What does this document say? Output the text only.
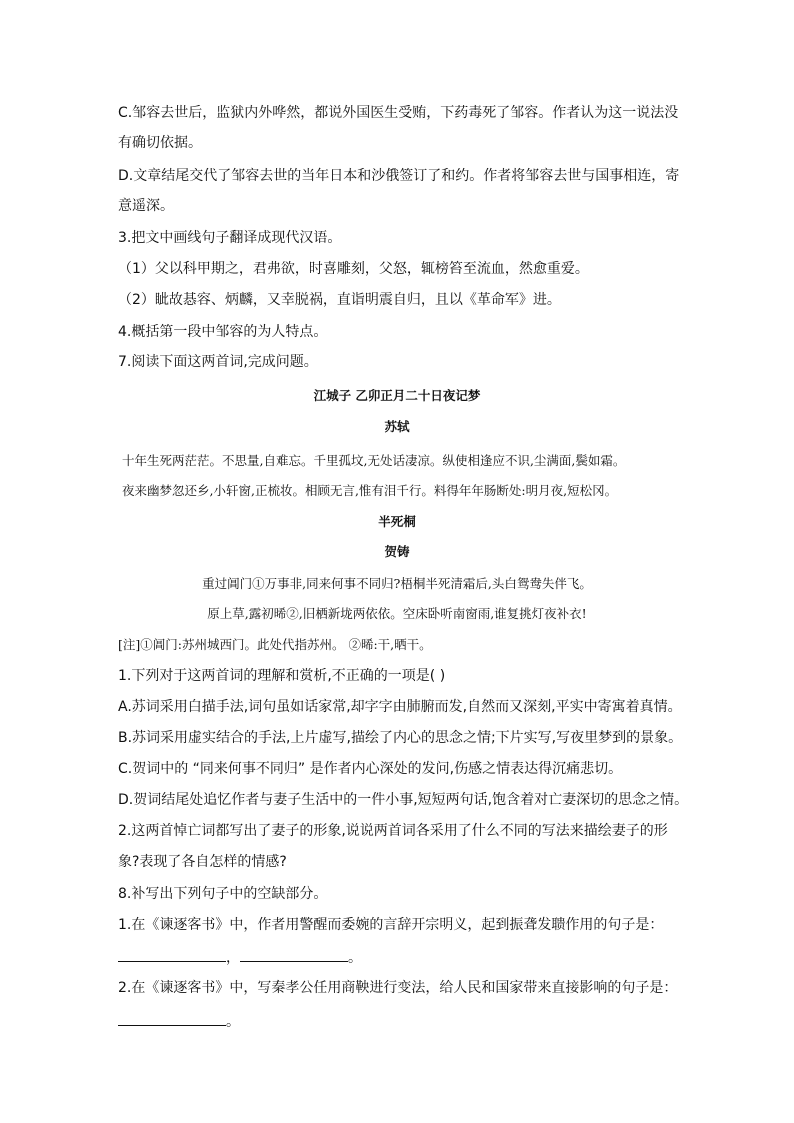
C.邹容去世后，监狱内外哗然，都说外国医生受贿，下药毒死了邹容。作者认为这一说法没
有确切依据。
D.文章结尾交代了邹容去世的当年日本和沙俄签订了和约。作者将邹容去世与国事相连，寄
意遥深。
3.把文中画线句子翻译成现代汉语。
（1）父以科甲期之，君弗欲，时喜雕刻，父怒，辄榜笞至流血，然愈重爱。
（2）眦故惎容、炳麟，又幸脱祸，直诣明震自归，且以《革命军》进。
4.概括第一段中邹容的为人特点。
7.阅读下面这两首词,完成问题。
江城子 乙卯正月二十日夜记梦
苏轼
十年生死两茫茫。不思量,自难忘。千里孤坟,无处话凄凉。纵使相逢应不识,尘满面,鬓如霜。
夜来幽梦忽还乡,小轩窗,正梳妆。相顾无言,惟有泪千行。料得年年肠断处:明月夜,短松冈。
半死桐
贺铸
重过阊门①万事非,同来何事不同归?梧桐半死清霜后,头白鸳鸯失伴飞。
原上草,露初晞②,旧栖新垅两依依。空床卧听南窗雨,谁复挑灯夜补衣!
[注]①阊门:苏州城西门。此处代指苏州。 ②晞:干,晒干。
1.下列对于这两首词的理解和赏析,不正确的一项是( )
A.苏词采用白描手法,词句虽如话家常,却字字由肺腑而发,自然而又深刻,平实中寄寓着真情。
B.苏词采用虚实结合的手法,上片虚写,描绘了内心的思念之情;下片实写,写夜里梦到的景象。
C.贺词中的 “同来何事不同归” 是作者内心深处的发问,伤感之情表达得沉痛悲切。
D.贺词结尾处追忆作者与妻子生活中的一件小事,短短两句话,饱含着对亡妻深切的思念之情。
2.这两首悼亡词都写出了妻子的形象,说说两首词各采用了什么不同的写法来描绘妻子的形
象?表现了各自怎样的情感?
8.补写出下列句子中的空缺部分。
1.在《谏逐客书》中，作者用警醒而委婉的言辞开宗明义，起到振聋发聩作用的句子是：
，	。
2.在《谏逐客书》中，写秦孝公任用商鞅进行变法，给人民和国家带来直接影响的句子是：
。
